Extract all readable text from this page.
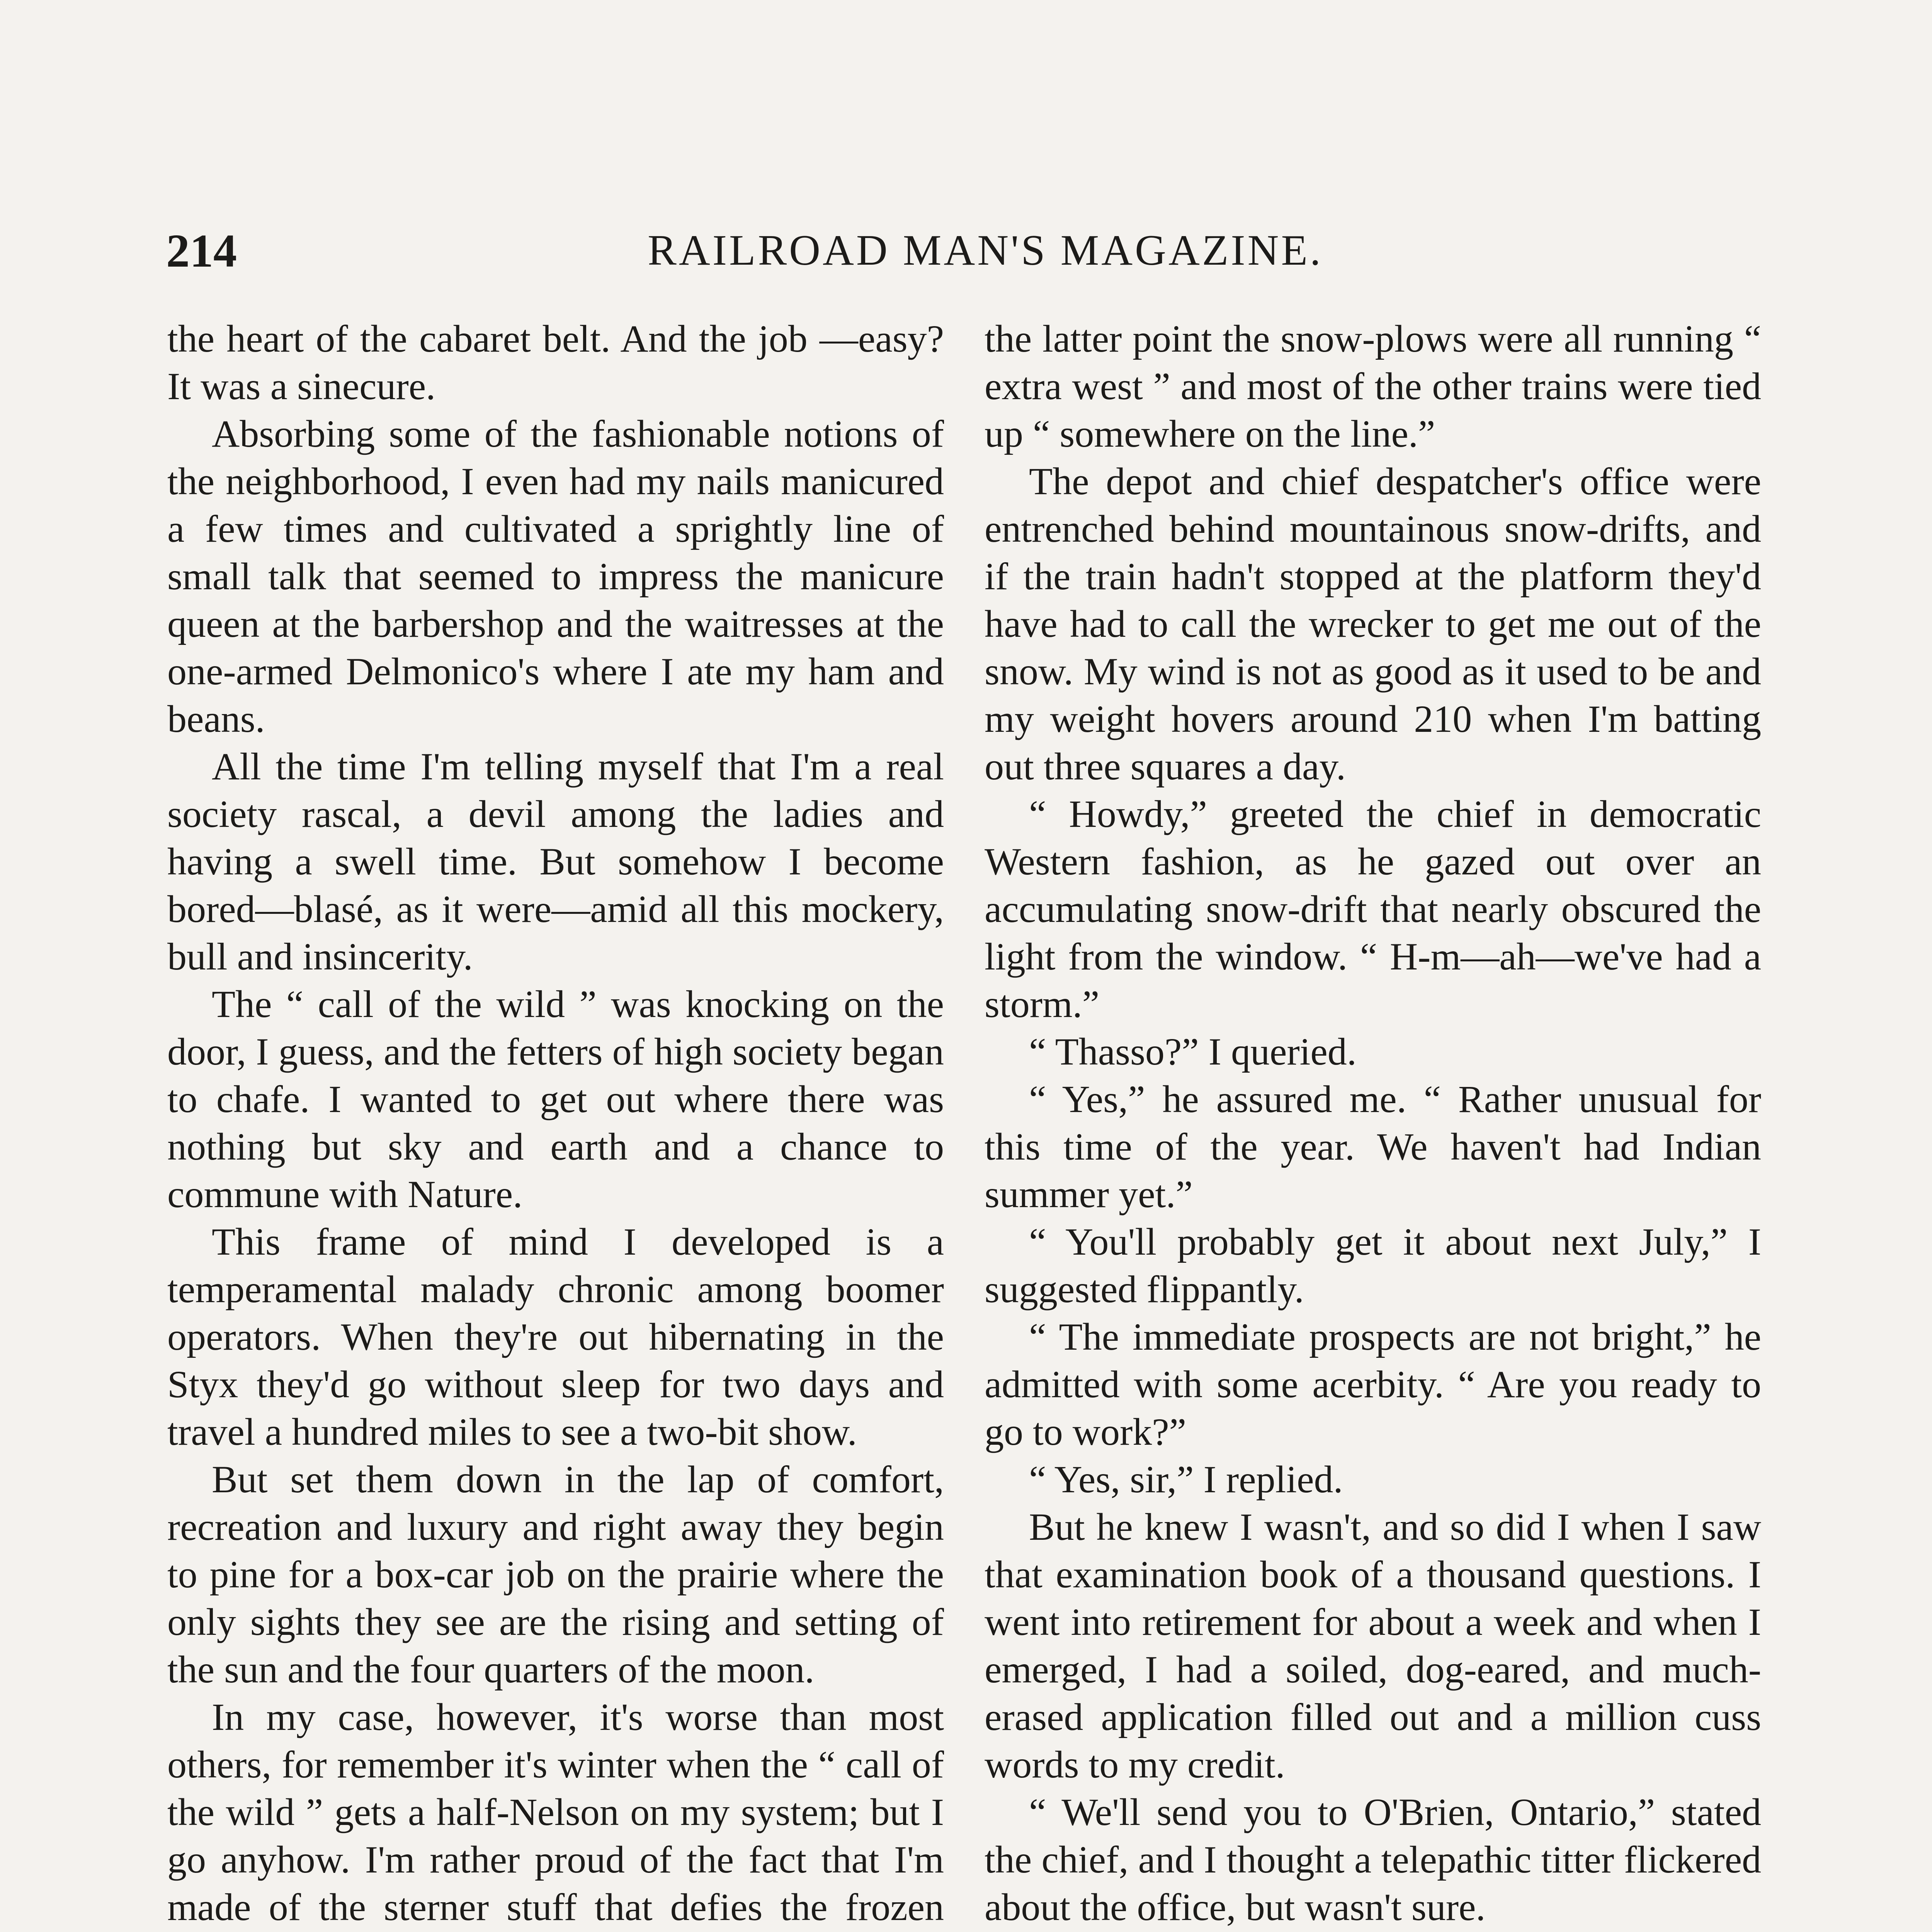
214	RAILROAD MAN'S MAGAZINE.

the heart of the cabaret belt. And the job —easy? It was a sinecure.

Absorbing some of the fashionable notions of the neighborhood, I even had my nails manicured a few times and cultivated a sprightly line of small talk that seemed to impress the manicure queen at the barbershop and the waitresses at the one-armed Delmonico's where I ate my ham and beans.

All the time I'm telling myself that I'm a real society rascal, a devil among the ladies and having a swell time. But somehow I become bored—blasé, as it were—amid all this mockery, bull and insincerity.

The “ call of the wild ” was knocking on the door, I guess, and the fetters of high society began to chafe. I wanted to get out where there was nothing but sky and earth and a chance to commune with Nature.

This frame of mind I developed is a temperamental malady chronic among boomer operators. When they're out hibernating in the Styx they'd go without sleep for two days and travel a hundred miles to see a two-bit show.

But set them down in the lap of comfort, recreation and luxury and right away they begin to pine for a box-car job on the prairie where the only sights they see are the rising and setting of the sun and the four quarters of the moon.

In my case, however, it's worse than most others, for remember it's winter when the “ call of the wild ” gets a half-Nelson on my system; but I go anyhow. I'm rather proud of the fact that I'm made of the sterner stuff that defies the frozen

the latter point the snow-plows were all running “ extra west ” and most of the other trains were tied up “ somewhere on the line.”

The depot and chief despatcher's office were entrenched behind mountainous snow-drifts, and if the train hadn't stopped at the platform they'd have had to call the wrecker to get me out of the snow. My wind is not as good as it used to be and my weight hovers around 210 when I'm batting out three squares a day.

“ Howdy,” greeted the chief in democratic Western fashion, as he gazed out over an accumulating snow-drift that nearly obscured the light from the window. “ H-m—ah—we've had a storm.”

“ Thasso?” I queried.

“ Yes,” he assured me. “ Rather unusual for this time of the year. We haven't had Indian summer yet.”

“ You'll probably get it about next July,” I suggested flippantly.

“ The immediate prospects are not bright,” he admitted with some acerbity. “ Are you ready to go to work?”

“ Yes, sir,” I replied.

But he knew I wasn't, and so did I when I saw that examination book of a thousand questions. I went into retirement for about a week and when I emerged, I had a soiled, dog-eared, and much-erased application filled out and a million cuss words to my credit.

“ We'll send you to O'Brien, Ontario,” stated the chief, and I thought a telepathic titter flickered about the office, but wasn't sure.
